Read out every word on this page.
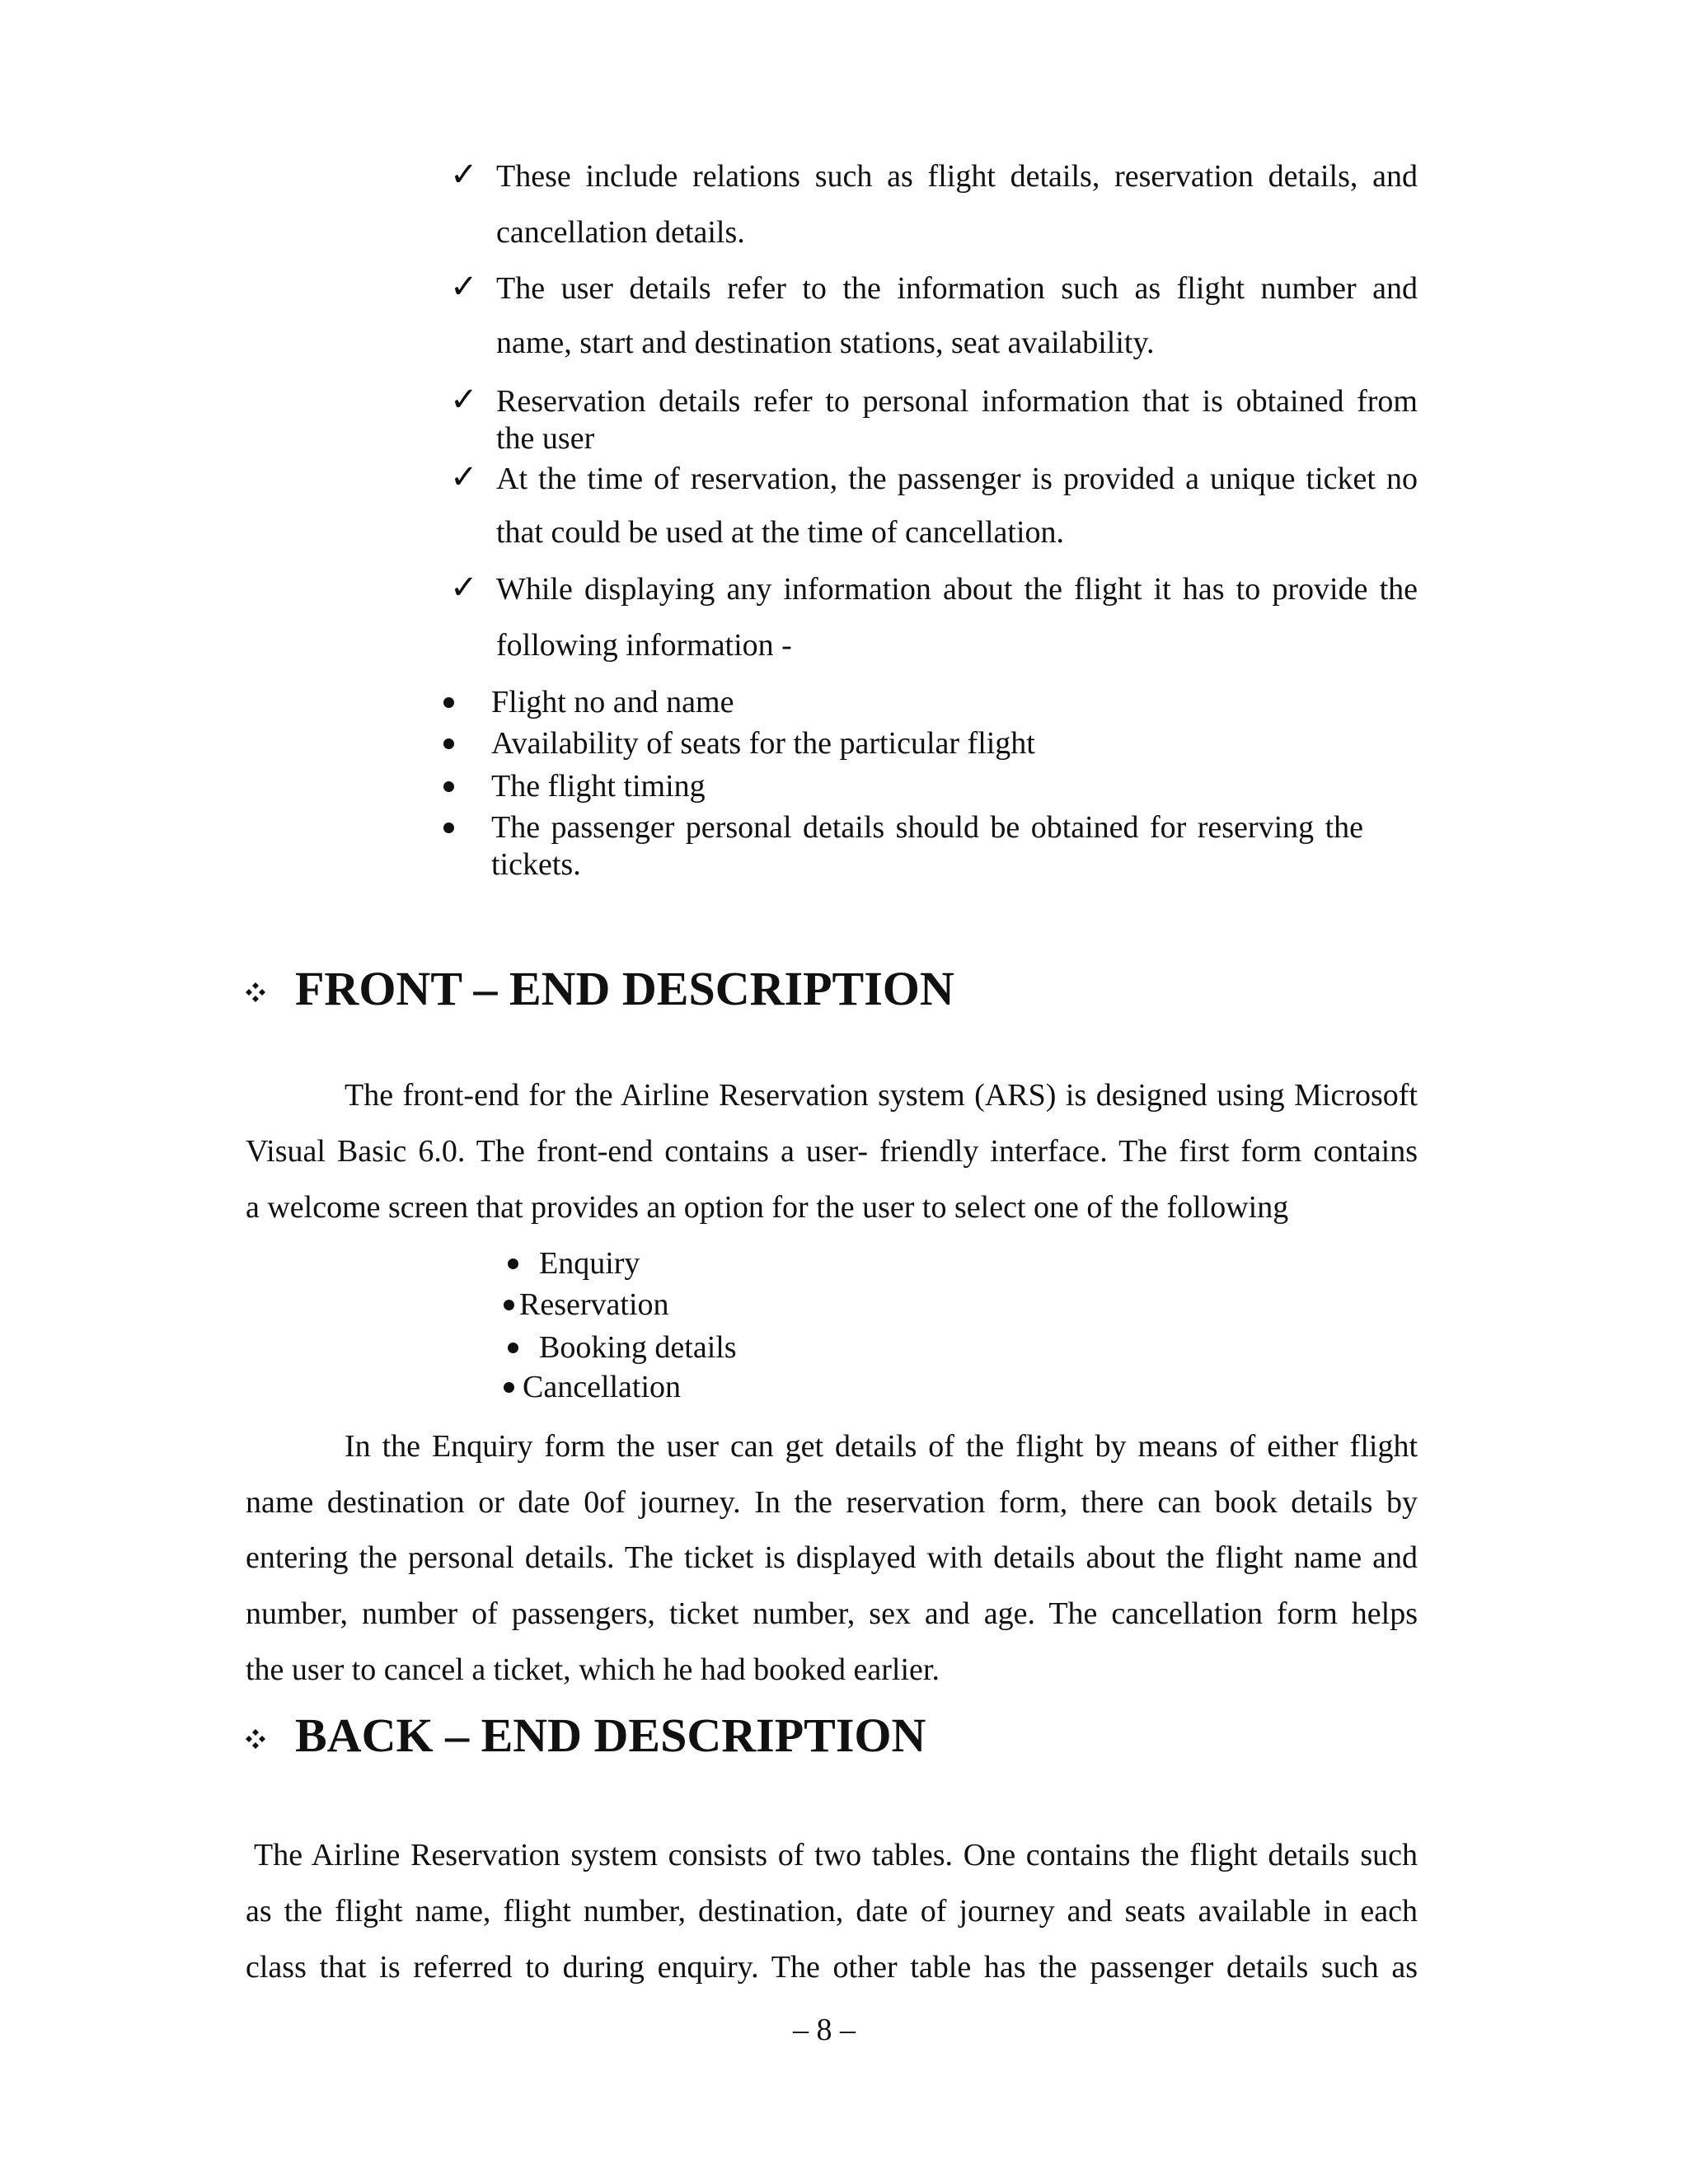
✓ These include relations such as flight details, reservation details, and
cancellation details.
✓ The user details refer to the information such as flight number and
name, start and destination stations, seat availability.
✓ Reservation details refer to personal information that is obtained from
the user
✓ At the time of reservation, the passenger is provided a unique ticket no
that could be used at the time of cancellation.
✓ While displaying any information about the flight it has to provide the
following information -
Flight no and name
Availability of seats for the particular flight
The flight timing
The passenger personal details should be obtained for reserving the
tickets.
FRONT – END DESCRIPTION
The front-end for the Airline Reservation system (ARS) is designed using Microsoft
Visual Basic 6.0. The front-end contains a user- friendly interface. The first form contains
a welcome screen that provides an option for the user to select one of the following
Enquiry
Reservation
Booking details
Cancellation
In the Enquiry form the user can get details of the flight by means of either flight
name destination or date 0of journey. In the reservation form, there can book details by
entering the personal details. The ticket is displayed with details about the flight name and
number, number of passengers, ticket number, sex and age. The cancellation form helps
the user to cancel a ticket, which he had booked earlier.
BACK – END DESCRIPTION
The Airline Reservation system consists of two tables. One contains the flight details such
as the flight name, flight number, destination, date of journey and seats available in each
class that is referred to during enquiry. The other table has the passenger details such as
– 8 –
